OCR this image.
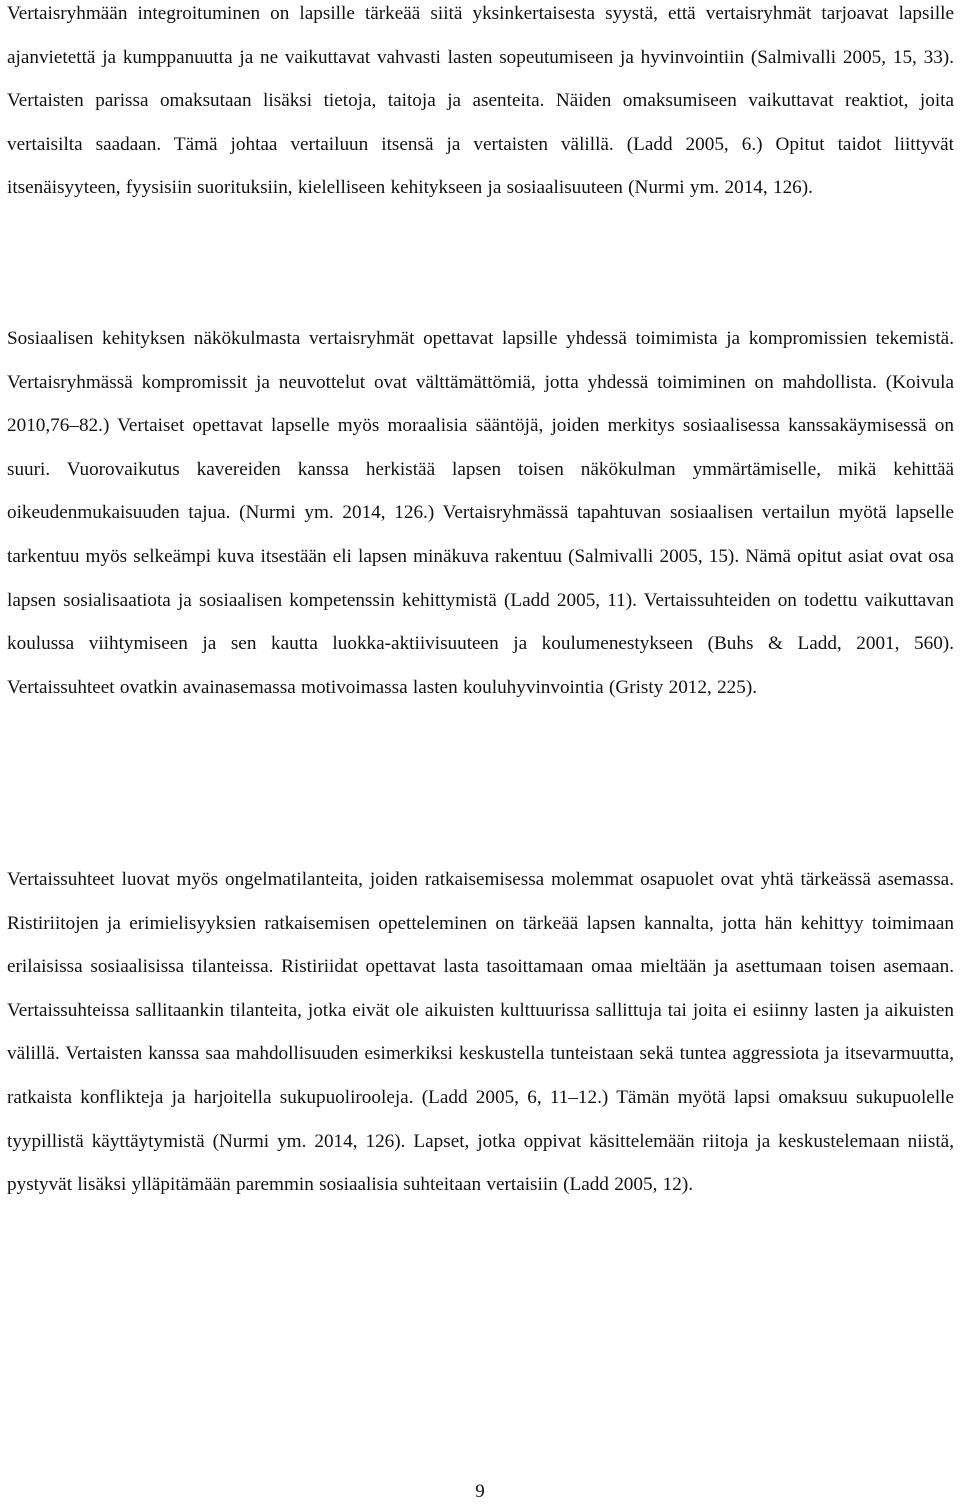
Vertaisryhmään integroituminen on lapsille tärkeää siitä yksinkertaisesta syystä, että vertaisryhmät tarjoavat lapsille ajanvietettä ja kumppanuutta ja ne vaikuttavat vahvasti lasten sopeutumiseen ja hyvinvointiin (Salmivalli 2005, 15, 33). Vertaisten parissa omaksutaan lisäksi tietoja, taitoja ja asenteita. Näiden omaksumiseen vaikuttavat reaktiot, joita vertaisilta saadaan. Tämä johtaa vertailuun itsensä ja vertaisten välillä. (Ladd 2005, 6.) Opitut taidot liittyvät itsenäisyyteen, fyysisiin suorituksiin, kielelliseen kehitykseen ja sosiaalisuuteen (Nurmi ym. 2014, 126).

Sosiaalisen kehityksen näkökulmasta vertaisryhmät opettavat lapsille yhdessä toimimista ja kompromissien tekemistä. Vertaisryhmässä kompromissit ja neuvottelut ovat välttämättömiä, jotta yhdessä toimiminen on mahdollista. (Koivula 2010,76–82.) Vertaiset opettavat lapselle myös moraalisia sääntöjä, joiden merkitys sosiaalisessa kanssakäymisessä on suuri. Vuorovaikutus kavereiden kanssa herkistää lapsen toisen näkökulman ymmärtämiselle, mikä kehittää oikeudenmukaisuuden tajua. (Nurmi ym. 2014, 126.) Vertaisryhmässä tapahtuvan sosiaalisen vertailun myötä lapselle tarkentuu myös selkeämpi kuva itsestään eli lapsen minäkuva rakentuu (Salmivalli 2005, 15). Nämä opitut asiat ovat osa lapsen sosialisaatiota ja sosiaalisen kompetenssin kehittymistä (Ladd 2005, 11). Vertaissuhteiden on todettu vaikuttavan koulussa viihtymiseen ja sen kautta luokka-aktiivisuuteen ja koulumenestykseen (Buhs & Ladd, 2001, 560). Vertaissuhteet ovatkin avainasemassa motivoimassa lasten kouluhyvinvointia (Gristy 2012, 225).

Vertaissuhteet luovat myös ongelmatilanteita, joiden ratkaisemisessa molemmat osapuolet ovat yhtä tärkeässä asemassa. Ristiriitojen ja erimielisyyksien ratkaisemisen opetteleminen on tärkeää lapsen kannalta, jotta hän kehittyy toimimaan erilaisissa sosiaalisissa tilanteissa. Ristiriidat opettavat lasta tasoittamaan omaa mieltään ja asettumaan toisen asemaan. Vertaissuhteissa sallitaankin tilanteita, jotka eivät ole aikuisten kulttuurissa sallittuja tai joita ei esiinny lasten ja aikuisten välillä. Vertaisten kanssa saa mahdollisuuden esimerkiksi keskustella tunteistaan sekä tuntea aggressiota ja itsevarmuutta, ratkaista konflikteja ja harjoitella sukupuolirooleja. (Ladd 2005, 6, 11–12.) Tämän myötä lapsi omaksuu sukupuolelle tyypillistä käyttäytymistä (Nurmi ym. 2014, 126). Lapset, jotka oppivat käsittelemään riitoja ja keskustelemaan niistä, pystyvät lisäksi ylläpitämään paremmin sosiaalisia suhteitaan vertaisiin (Ladd 2005, 12).

9
